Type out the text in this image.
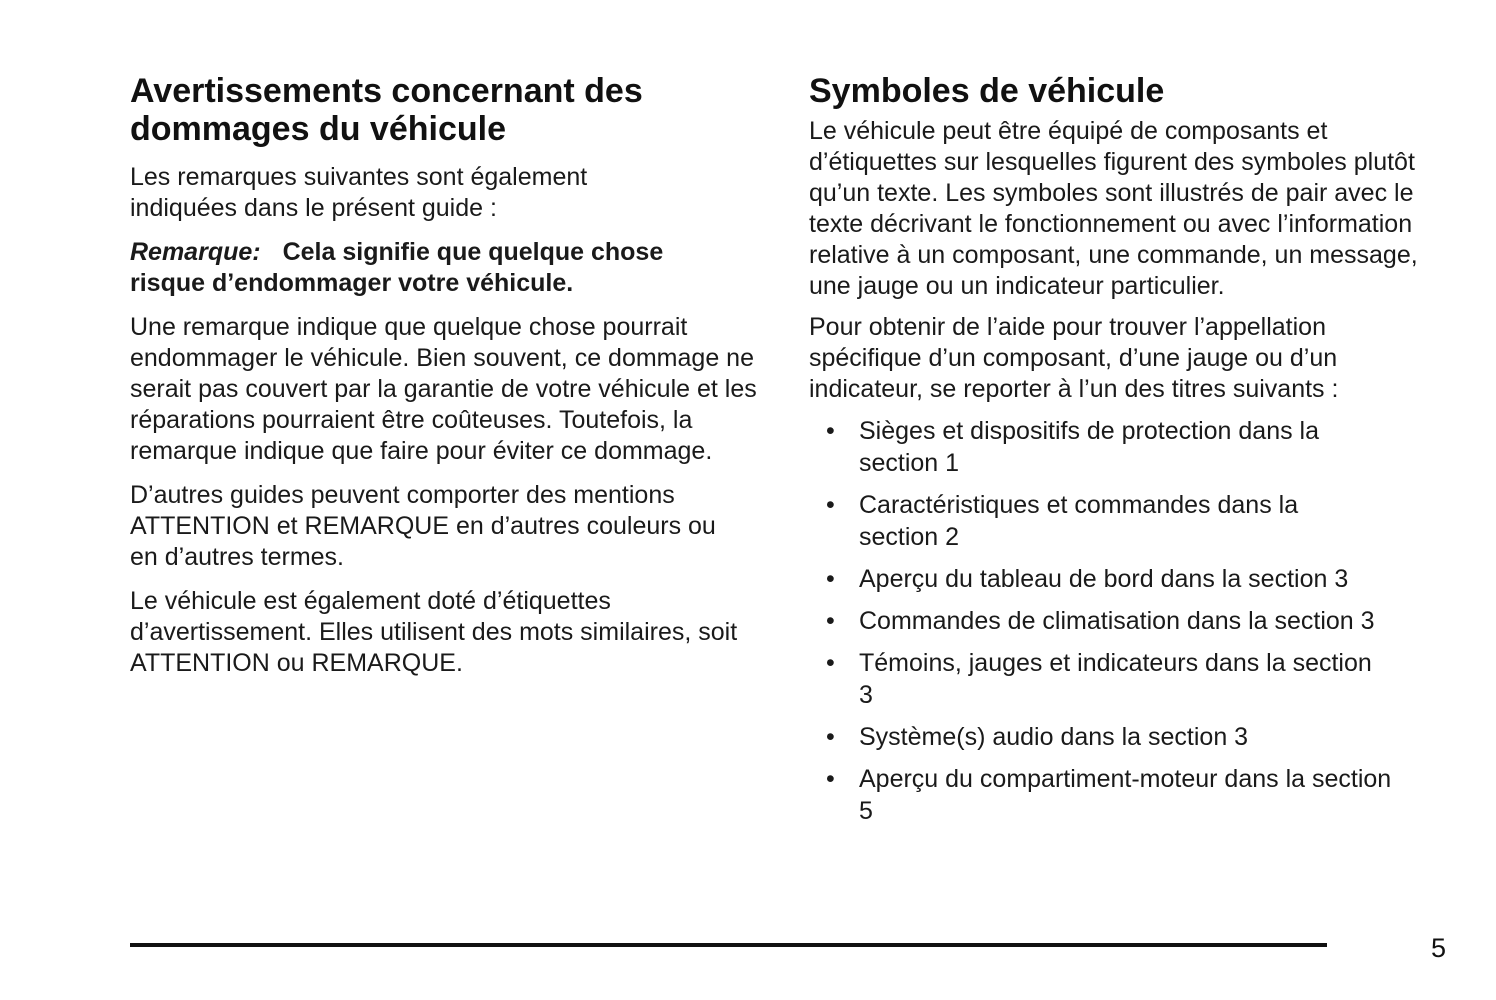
Avertissements concernant des
dommages du véhicule

Les remarques suivantes sont également indiquées dans le présent guide :

Remarque: Cela signifie que quelque chose risque d’endommager votre véhicule.

Une remarque indique que quelque chose pourrait endommager le véhicule. Bien souvent, ce dommage ne serait pas couvert par la garantie de votre véhicule et les réparations pourraient être coûteuses. Toutefois, la remarque indique que faire pour éviter ce dommage.

D’autres guides peuvent comporter des mentions ATTENTION et REMARQUE en d’autres couleurs ou en d’autres termes.

Le véhicule est également doté d’étiquettes d’avertissement. Elles utilisent des mots similaires, soit ATTENTION ou REMARQUE.

Symboles de véhicule

Le véhicule peut être équipé de composants et d’étiquettes sur lesquelles figurent des symboles plutôt qu’un texte. Les symboles sont illustrés de pair avec le texte décrivant le fonctionnement ou avec l’information relative à un composant, une commande, un message, une jauge ou un indicateur particulier.

Pour obtenir de l’aide pour trouver l’appellation spécifique d’un composant, d’une jauge ou d’un indicateur, se reporter à l’un des titres suivants :

• Sièges et dispositifs de protection dans la section 1
• Caractéristiques et commandes dans la section 2
• Aperçu du tableau de bord dans la section 3
• Commandes de climatisation dans la section 3
• Témoins, jauges et indicateurs dans la section 3
• Système(s) audio dans la section 3
• Aperçu du compartiment-moteur dans la section 5
5
